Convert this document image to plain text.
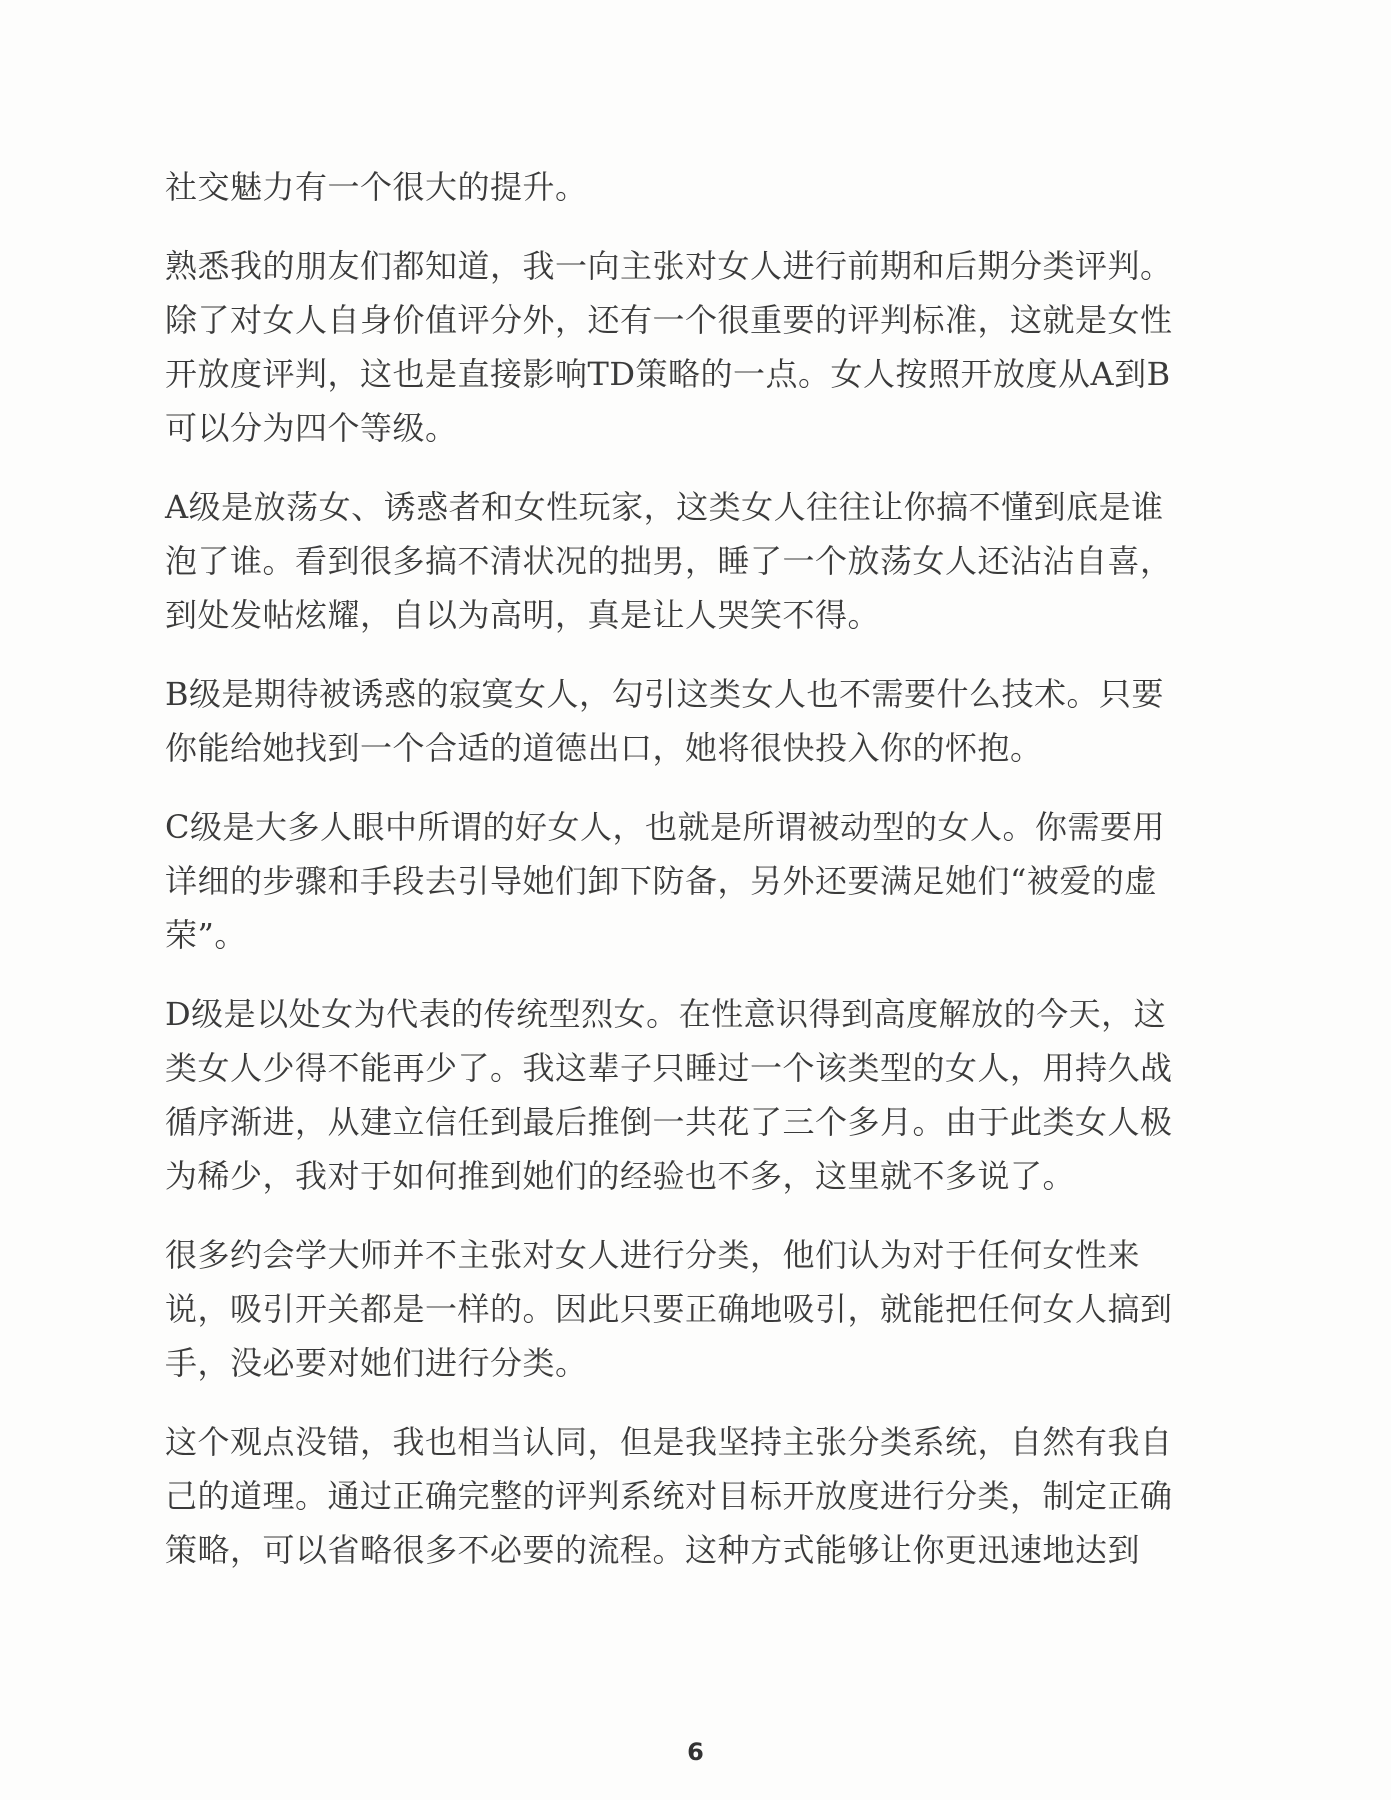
社交魅力有一个很大的提升。

熟悉我的朋友们都知道，我一向主张对女人进行前期和后期分类评判。
除了对女人自身价值评分外，还有一个很重要的评判标准，这就是女性
开放度评判，这也是直接影响TD策略的一点。女人按照开放度从A到B
可以分为四个等级。

A级是放荡女、诱惑者和女性玩家，这类女人往往让你搞不懂到底是谁
泡了谁。看到很多搞不清状况的拙男，睡了一个放荡女人还沾沾自喜，
到处发帖炫耀，自以为高明，真是让人哭笑不得。

B级是期待被诱惑的寂寞女人，勾引这类女人也不需要什么技术。只要
你能给她找到一个合适的道德出口，她将很快投入你的怀抱。

C级是大多人眼中所谓的好女人，也就是所谓被动型的女人。你需要用
详细的步骤和手段去引导她们卸下防备，另外还要满足她们“被爱的虚
荣”。

D级是以处女为代表的传统型烈女。在性意识得到高度解放的今天，这
类女人少得不能再少了。我这辈子只睡过一个该类型的女人，用持久战
循序渐进，从建立信任到最后推倒一共花了三个多月。由于此类女人极
为稀少，我对于如何推到她们的经验也不多，这里就不多说了。

很多约会学大师并不主张对女人进行分类，他们认为对于任何女性来
说，吸引开关都是一样的。因此只要正确地吸引，就能把任何女人搞到
手，没必要对她们进行分类。

这个观点没错，我也相当认同，但是我坚持主张分类系统，自然有我自
己的道理。通过正确完整的评判系统对目标开放度进行分类，制定正确
策略，可以省略很多不必要的流程。这种方式能够让你更迅速地达到

6
